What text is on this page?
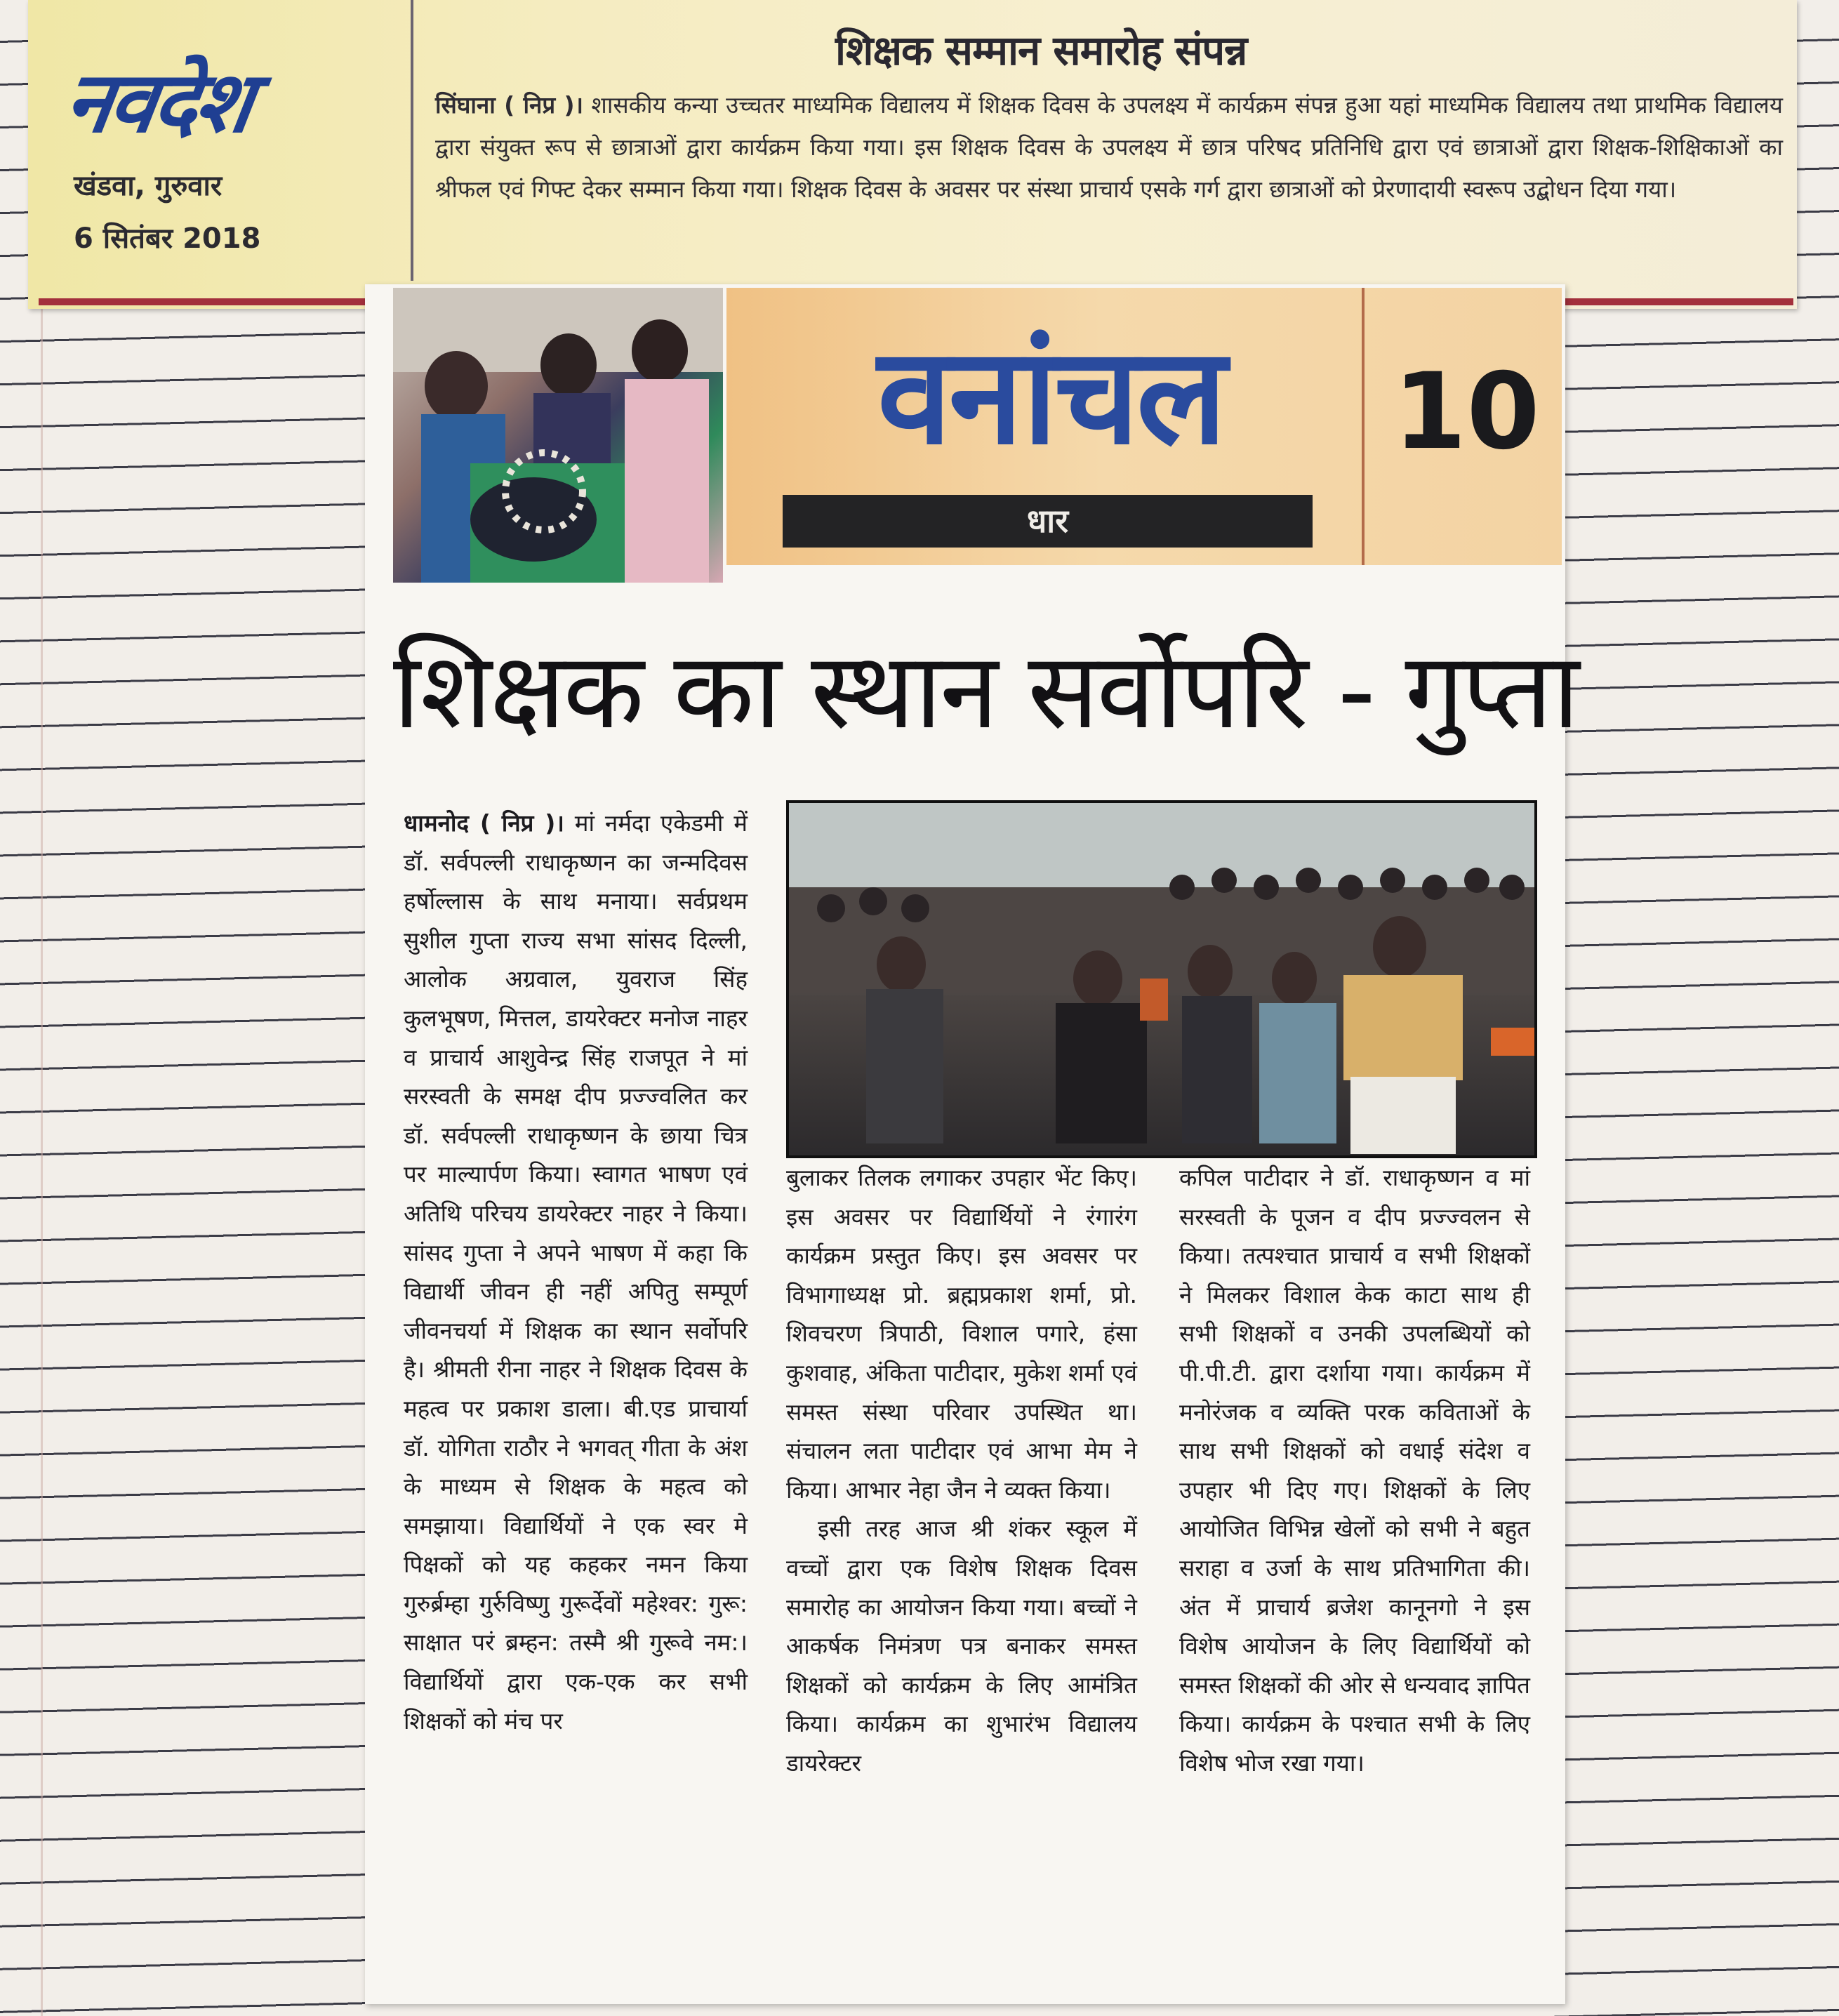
नवदेश
खंडवा, गुरुवार
6 सितंबर 2018
शिक्षक सम्मान समारोह संपन्न
सिंघाना ( निप्र )। शासकीय कन्या उच्चतर माध्यमिक विद्यालय में शिक्षक दिवस के उपलक्ष्य में कार्यक्रम संपन्न हुआ यहां माध्यमिक विद्यालय तथा प्राथमिक विद्यालय द्वारा संयुक्त रूप से छात्राओं द्वारा कार्यक्रम किया गया। इस शिक्षक दिवस के उपलक्ष्य में छात्र परिषद प्रतिनिधि द्वारा एवं छात्राओं द्वारा शिक्षक-शिक्षिकाओं का श्रीफल एवं गिफ्ट देकर सम्मान किया गया। शिक्षक दिवस के अवसर पर संस्था प्राचार्य एसके गर्ग द्वारा छात्राओं को प्रेरणादायी स्वरूप उद्बोधन दिया गया।
वनांचल
धार
10
शिक्षक का स्थान सर्वोपरि - गुप्ता

धामनोद ( निप्र )। मां नर्मदा एकेडमी में डॉ. सर्वपल्ली राधाकृष्णन का जन्मदिवस हर्षोल्लास के साथ मनाया। सर्वप्रथम सुशील गुप्ता राज्य सभा सांसद दिल्ली, आलोक अग्रवाल, युवराज सिंह कुलभूषण, मित्तल, डायरेक्टर मनोज नाहर व प्राचार्य आशुवेन्द्र सिंह राजपूत ने मां सरस्वती के समक्ष दीप प्रज्ज्वलित कर डॉ. सर्वपल्ली राधाकृष्णन के छाया चित्र पर माल्यार्पण किया। स्वागत भाषण एवं अतिथि परिचय डायरेक्टर नाहर ने किया। सांसद गुप्ता ने अपने भाषण में कहा कि विद्यार्थी जीवन ही नहीं अपितु सम्पूर्ण जीवनचर्या में शिक्षक का स्थान सर्वोपरि है। श्रीमती रीना नाहर ने शिक्षक दिवस के महत्व पर प्रकाश डाला। बी.एड प्राचार्या डॉ. योगिता राठौर ने भगवत् गीता के अंश के माध्यम से शिक्षक के महत्व को समझाया। विद्यार्थियों ने एक स्वर मे पिक्षकों को यह कहकर नमन किया गुरुर्ब्रम्हा गुर्रुविष्णु गुरूर्देवों महेश्वर: गुरू: साक्षात परं ब्रम्हन: तस्मै श्री गुरूवे नम:। विद्यार्थियों द्वारा एक-एक कर सभी शिक्षकों को मंच पर

बुलाकर तिलक लगाकर उपहार भेंट किए। इस अवसर पर विद्यार्थियों ने रंगारंग कार्यक्रम प्रस्तुत किए। इस अवसर पर विभागाध्यक्ष प्रो. ब्रह्मप्रकाश शर्मा, प्रो. शिवचरण त्रिपाठी, विशाल पगारे, हंसा कुशवाह, अंकिता पाटीदार, मुकेश शर्मा एवं समस्त संस्था परिवार उपस्थित था। संचालन लता पाटीदार एवं आभा मेम ने किया। आभार नेहा जैन ने व्यक्त किया।

इसी तरह आज श्री शंकर स्कूल में वच्चों द्वारा एक विशेष शिक्षक दिवस समारोह का आयोजन किया गया। बच्चों ने आकर्षक निमंत्रण पत्र बनाकर समस्त शिक्षकों को कार्यक्रम के लिए आमंत्रित किया। कार्यक्रम का शुभारंभ विद्यालय डायरेक्टर

कपिल पाटीदार ने डॉ. राधाकृष्णन व मां सरस्वती के पूजन व दीप प्रज्ज्वलन से किया। तत्पश्चात प्राचार्य व सभी शिक्षकों ने मिलकर विशाल केक काटा साथ ही सभी शिक्षकों व उनकी उपलब्धियों को पी.पी.टी. द्वारा दर्शाया गया। कार्यक्रम में मनोरंजक व व्यक्ति परक कविताओं के साथ सभी शिक्षकों को वधाई संदेश व उपहार भी दिए गए। शिक्षकों के लिए आयोजित विभिन्न खेलों को सभी ने बहुत सराहा व उर्जा के साथ प्रतिभागिता की। अंत में प्राचार्य ब्रजेश कानूनगो ने इस विशेष आयोजन के लिए विद्यार्थियों को समस्त शिक्षकों की ओर से धन्यवाद ज्ञापित किया। कार्यक्रम के पश्चात सभी के लिए विशेष भोज रखा गया।
